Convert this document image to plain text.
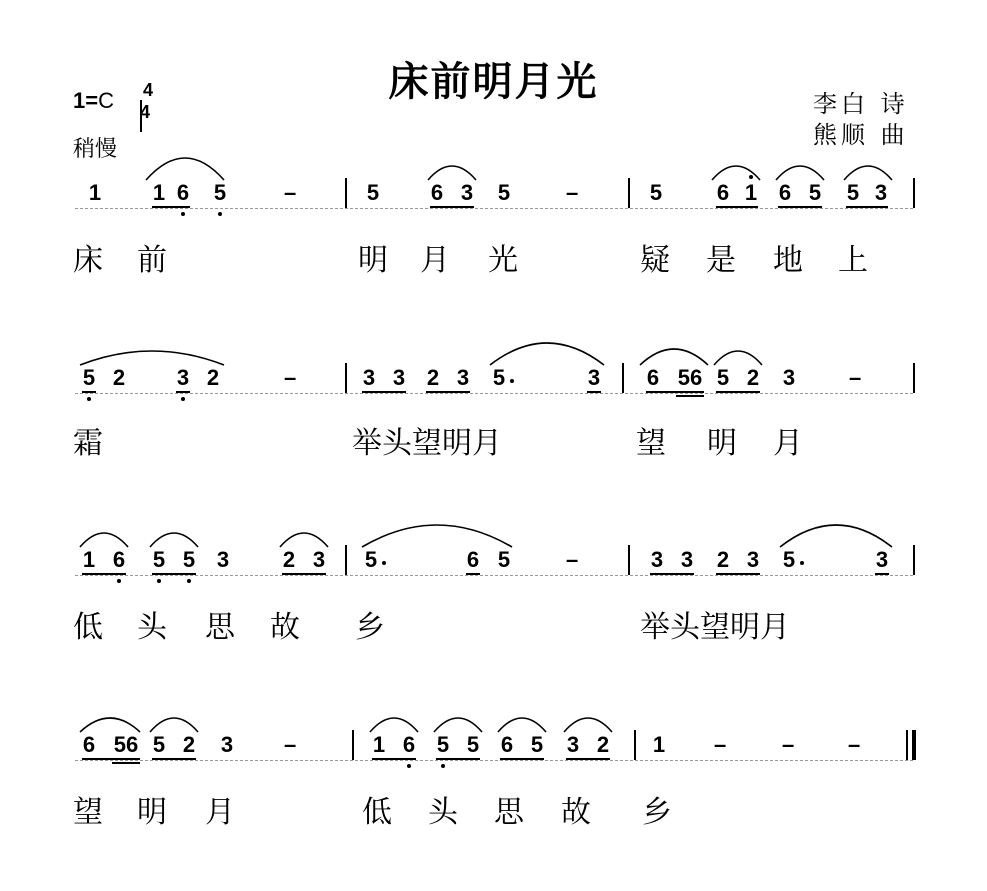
床前明月光
1=C 4
4
稍慢
李白 诗
熊顺 曲
1 1 6 5	–	5 6 3 5	–	5 6 1 6 5 5 3
床 前	明 月 光	疑 是 地 上
5 2 3 2	–	3 3 2 3 5	3 6 56 5 2 3 –
霜	举头望明月	望 明 月
1 6 5 5 3 2 3 5	6 5	–	3 3 2 3 5	3
低 头 思 故 乡	举头望明月
6 56 5 2 3 –	1 6 5 5 6 5 3 2 1 –	– –
望 明 月	低 头 思 故 乡
